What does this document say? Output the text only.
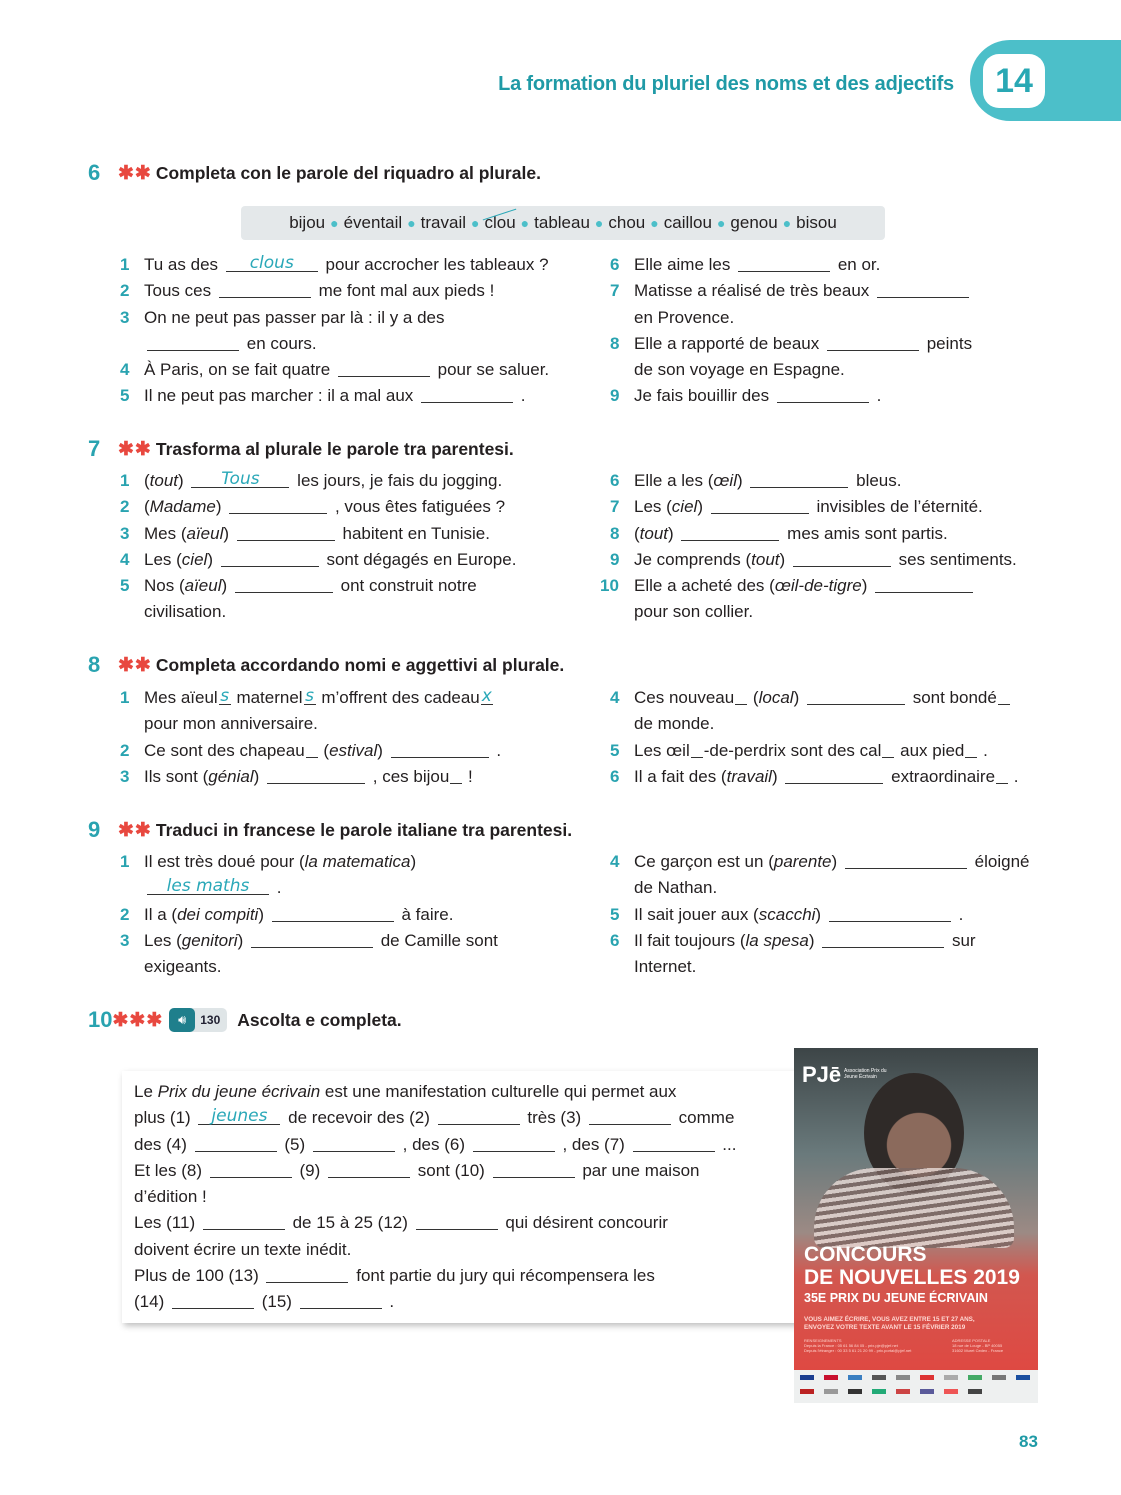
14
La formation du pluriel des noms et des adjectifs
6 ✱✱ Completa con le parole del riquadro al plurale.
bijou ● éventail ● travail ● clou ● tableau ● chou ● caillou ● genou ● bisou
1 Tu as des clous pour accrocher les tableaux ?
2 Tous ces	me font mal aux pieds !
3 On ne peut pas passer par là : il y a des
en cours.
4 À Paris, on se fait quatre	pour se saluer.
5 Il ne peut pas marcher : il a mal aux	.
6 Elle aime les	en or.
7 Matisse a réalisé de très beaux
en Provence.
8 Elle a rapporté de beaux	peints
de son voyage en Espagne.
9 Je fais bouillir des	.
7 ✱✱ Trasforma al plurale le parole tra parentesi.
1 (tout) Tous les jours, je fais du jogging.
2 (Madame)	, vous êtes fatiguées ?
3 Mes (aïeul)	habitent en Tunisie.
4 Les (ciel)	sont dégagés en Europe.
5 Nos (aïeul)	ont construit notre
civilisation.
6 Elle a les (œil)	bleus.
7 Les (ciel)	invisibles de l’éternité.
8 (tout)	mes amis sont partis.
9 Je comprends (tout)	ses sentiments.
10 Elle a acheté des (œil-de-tigre)
pour son collier.
8 ✱✱ Completa accordando nomi e aggettivi al plurale.
1 Mes aïeul s maternel s m’offrent des cadeau x
pour mon anniversaire.
2 Ce sont des chapeau (estival)	.
3 Ils sont (génial)	, ces bijou !
4 Ces nouveau (local)	sont bondé
de monde.
5 Les œil -de-perdrix sont des cal aux pied .
6 Il a fait des (travail)	extraordinaire .
9 ✱✱ Traduci in francese le parole italiane tra parentesi.
1 Il est très doué pour (la matematica)
les maths .
2 Il a (dei compiti)	à faire.
3 Les (genitori)	de Camille sont
exigeants.
4 Ce garçon est un (parente)	éloigné
de Nathan.
5 Il sait jouer aux (scacchi)	.
6 Il fait toujours (la spesa)	sur
Internet.
10 ✱✱✱	🔊︎	130 Ascolta e completa.
Le Prix du jeune écrivain est une manifestation culturelle qui permet aux
plus (1) jeunes de recevoir des (2)	très (3)	comme
des (4)	(5)	, des (6)	, des (7)	...
Et les (8)	(9)	sont (10)	par une maison
d’édition !
Les (11)	de 15 à 25 (12)	qui désirent concourir
doivent écrire un texte inédit.
Plus de 100 (13)	font partie du jury qui récompensera les
(14)	(15)	.
PJē Association Prix du Jeune Écrivain
CONCOURS
DE NOUVELLES 2019
35E PRIX DU JEUNE ÉCRIVAIN
VOUS AIMEZ ÉCRIRE, VOUS AVEZ ENTRE 15 ET 27 ANS,
ENVOYEZ VOTRE TEXTE AVANT LE 15 FÉVRIER 2019
RENSEIGNEMENTS
Depuis la France : 05 61 56 84 05 - prix.pje@pjef.net
Depuis l'étranger : 00 33 5 61 21 20 99 - prix.portal@pjef.net
ADRESSE POSTALE
18 rue de Louge - BP 40055
31602 Muret Cedex - France
83
